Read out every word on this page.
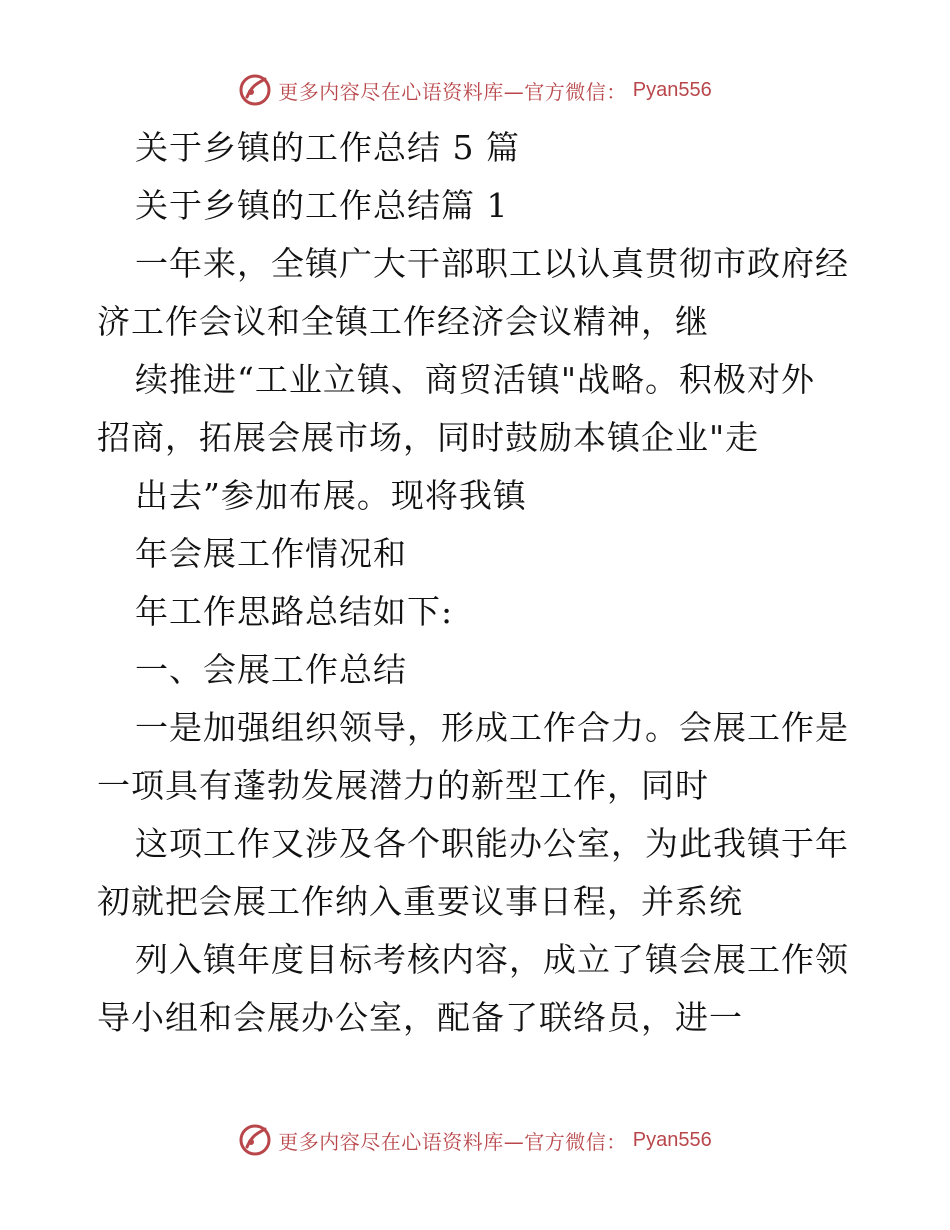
更多内容尽在心语资料库—官方微信： Pyan556
关于乡镇的工作总结 5 篇
关于乡镇的工作总结篇 1
一年来，全镇广大干部职工以认真贯彻市政府经
济工作会议和全镇工作经济会议精神，继
续推进“工业立镇、商贸活镇"战略。积极对外
招商，拓展会展市场，同时鼓励本镇企业"走
出去”参加布展。现将我镇
年会展工作情况和
年工作思路总结如下:
一、会展工作总结
一是加强组织领导，形成工作合力。会展工作是
一项具有蓬勃发展潜力的新型工作，同时
这项工作又涉及各个职能办公室，为此我镇于年
初就把会展工作纳入重要议事日程，并系统
列入镇年度目标考核内容，成立了镇会展工作领
导小组和会展办公室，配备了联络员，进一
更多内容尽在心语资料库—官方微信： Pyan556
